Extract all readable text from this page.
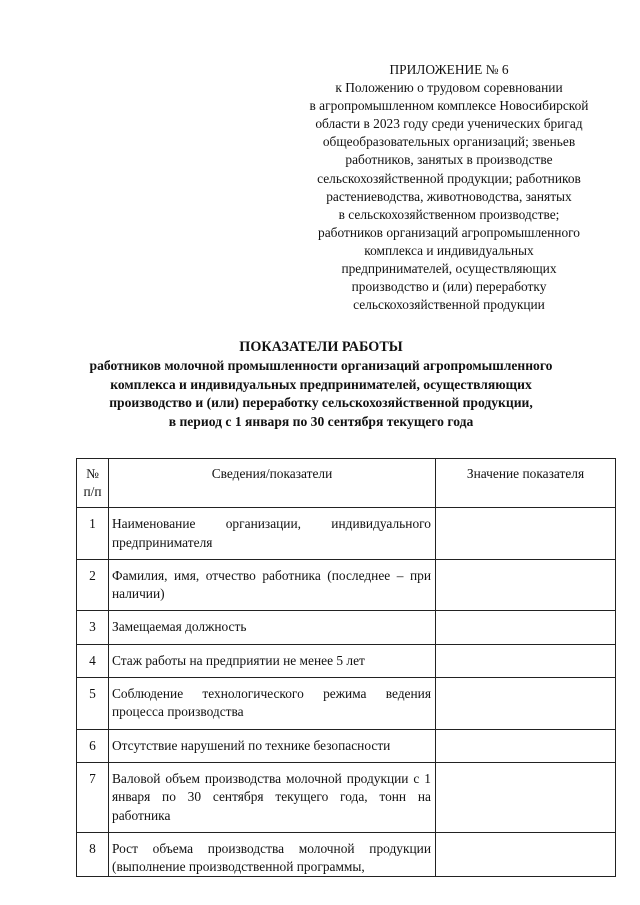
ПРИЛОЖЕНИЕ № 6
к Положению о трудовом соревновании
в агропромышленном комплексе Новосибирской
области в 2023 году среди ученических бригад
общеобразовательных организаций; звеньев
работников, занятых в производстве
сельскохозяйственной продукции; работников
растениеводства, животноводства, занятых
в сельскохозяйственном производстве;
работников организаций агропромышленного
комплекса и индивидуальных
предпринимателей, осуществляющих
производство и (или) переработку
сельскохозяйственной продукции
ПОКАЗАТЕЛИ РАБОТЫ
работников молочной промышленности организаций агропромышленного
комплекса и индивидуальных предпринимателей, осуществляющих
производство и (или) переработку сельскохозяйственной продукции,
в период с 1 января по 30 сентября текущего года
№
п/п	Сведения/показатели	Значение показателя
1	Наименование организации, индивидуального предпринимателя	
2	Фамилия, имя, отчество работника (последнее – при наличии)	
3	Замещаемая должность	
4	Стаж работы на предприятии не менее 5 лет	
5	Соблюдение технологического режима ведения процесса производства	
6	Отсутствие нарушений по технике безопасности	
7	Валовой объем производства молочной продукции с 1 января по 30 сентября текущего года, тонн на работника	
8	Рост объема производства молочной продукции (выполнение производственной программы,	
